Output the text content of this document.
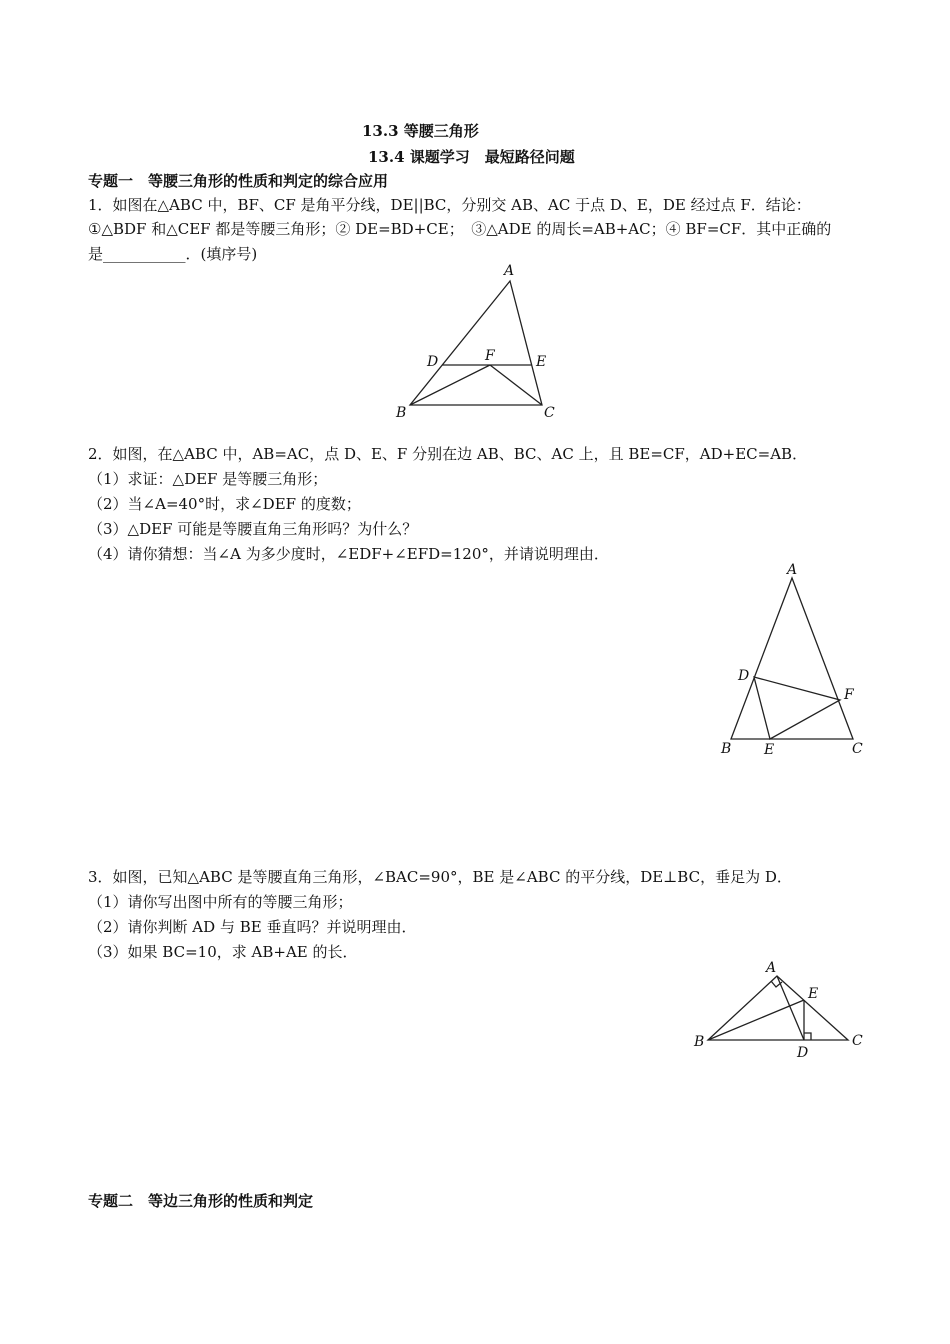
13.3 等腰三角形
13.4 课题学习　最短路径问题
专题一　等腰三角形的性质和判定的综合应用
1．如图在△ABC 中，BF、CF 是角平分线，DE||BC，分别交 AB、AC 于点 D、E，DE 经过点 F．结论：
①△BDF 和△CEF 都是等腰三角形；② DE=BD+CE；　③△ADE 的周长=AB+AC；④ BF=CF．其中正确的
是___________．(填序号)
A
B	C
D	E
F
2．如图，在△ABC 中，AB=AC，点 D、E、F 分别在边 AB、BC、AC 上，且 BE=CF，AD+EC=AB．
（1）求证：△DEF 是等腰三角形；
（2）当∠A=40°时，求∠DEF 的度数；
（3）△DEF 可能是等腰直角三角形吗？为什么？
（4）请你猜想：当∠A 为多少度时，∠EDF+∠EFD=120°，并请说明理由．
A
B	C
D
E
F
3．如图，已知△ABC 是等腰直角三角形，∠BAC=90°，BE 是∠ABC 的平分线，DE⊥BC，垂足为 D．
（1）请你写出图中所有的等腰三角形；
（2）请你判断 AD 与 BE 垂直吗？并说明理由．
（3）如果 BC=10，求 AB+AE 的长．
A
B	C
D
E
专题二　等边三角形的性质和判定
